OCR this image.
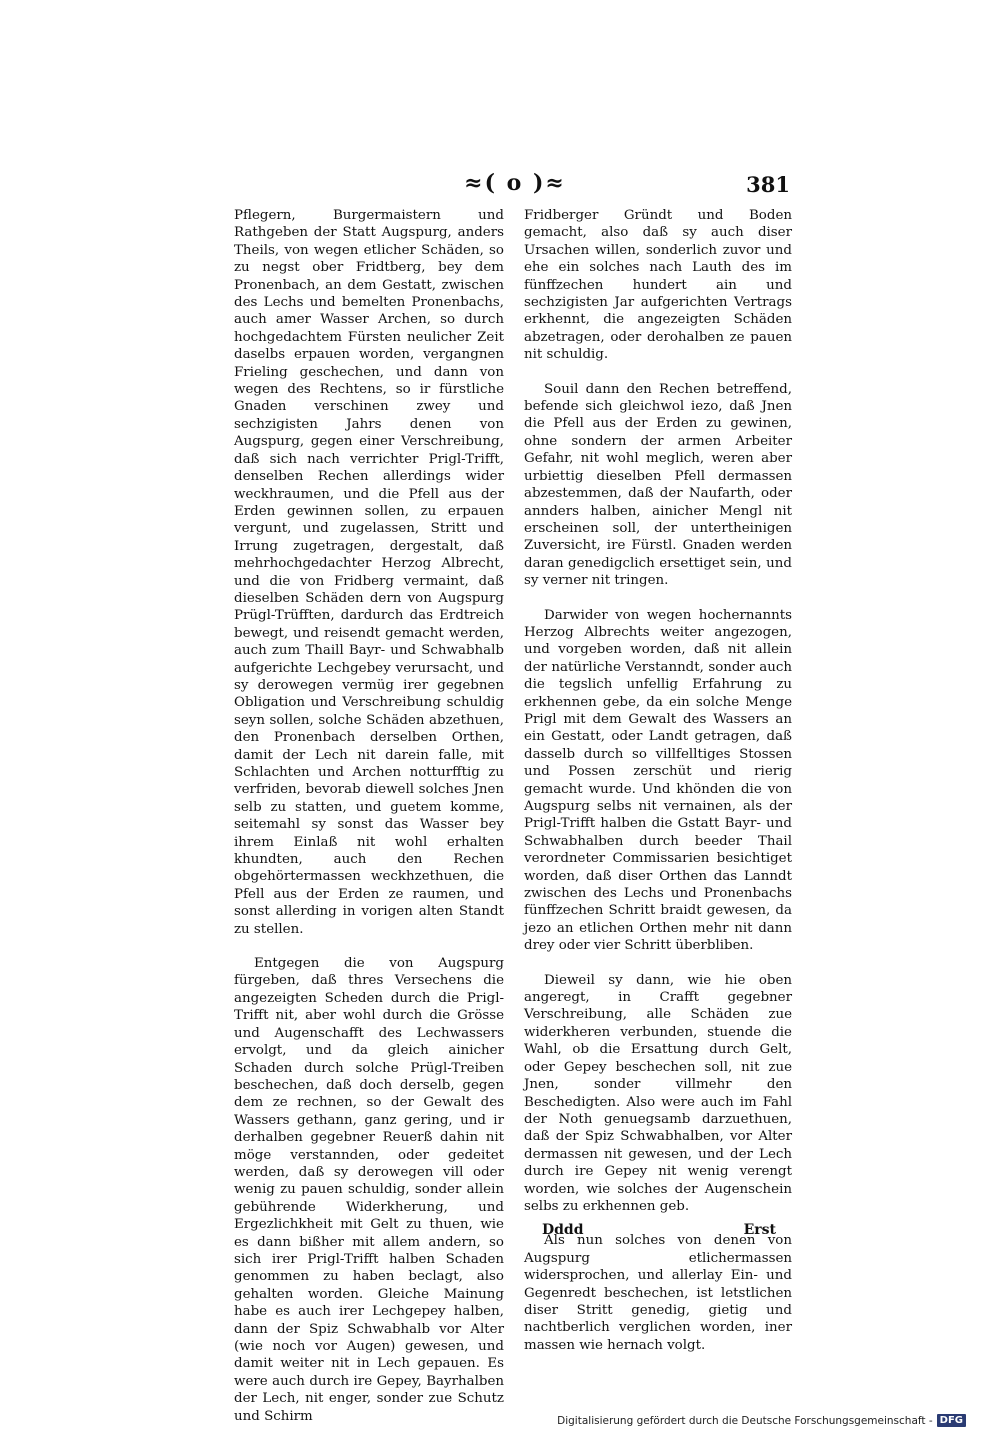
≈( o )≈	381

Pflegern, Burgermaistern und Rathgeben der Statt Augspurg, anders Theils, von wegen etlicher Schäden, so zu negst ober Fridtberg, bey dem Pronenbach, an dem Gestatt, zwischen des Lechs und bemelten Pronenbachs, auch amer Wasser Archen, so durch hochgedachtem Fürsten neulicher Zeit daselbs erpauen worden, vergangnen Frieling geschechen, und dann von wegen des Rechtens, so ir fürstliche Gnaden verschinen zwey und sechzigisten Jahrs denen von Augspurg, gegen einer Verschreibung, daß sich nach verrichter Prigl-Trifft, denselben Rechen allerdings wider weckhraumen, und die Pfell aus der Erden gewinnen sollen, zu erpauen vergunt, und zugelassen, Stritt und Irrung zugetragen, dergestalt, daß mehrhochgedachter Herzog Albrecht, und die von Fridberg vermaint, daß dieselben Schäden dern von Augspurg Prügl-Trüfften, dardurch das Erdtreich bewegt, und reisendt gemacht werden, auch zum Thaill Bayr- und Schwabhalb aufgerichte Lechgebey verursacht, und sy derowegen vermüg irer gegebnen Obligation und Verschreibung schuldig seyn sollen, solche Schäden abzethuen, den Pronenbach derselben Orthen, damit der Lech nit darein falle, mit Schlachten und Archen notturfftig zu verfriden, bevorab diewell solches Jnen selb zu statten, und guetem komme, seitemahl sy sonst das Wasser bey ihrem Einlaß nit wohl erhalten khundten, auch den Rechen obgehörtermassen weckhzethuen, die Pfell aus der Erden ze raumen, und sonst allerding in vorigen alten Standt zu stellen.

Entgegen die von Augspurg fürgeben, daß thres Versechens die angezeigten Scheden durch die Prigl-Trifft nit, aber wohl durch die Grösse und Augenschafft des Lechwassers ervolgt, und da gleich ainicher Schaden durch solche Prügl-Treiben beschechen, daß doch derselb, gegen dem ze rechnen, so der Gewalt des Wassers gethann, ganz gering, und ir derhalben gegebner Reuerß dahin nit möge verstannden, oder gedeitet werden, daß sy derowegen vill oder wenig zu pauen schuldig, sonder allein gebührende Widerkherung, und Ergezlichkheit mit Gelt zu thuen, wie es dann bißher mit allem andern, so sich irer Prigl-Trifft halben Schaden genommen zu haben beclagt, also gehalten worden. Gleiche Mainung habe es auch irer Lechgepey halben, dann der Spiz Schwabhalb vor Alter (wie noch vor Augen) gewesen, und damit weiter nit in Lech gepauen. Es were auch durch ire Gepey, Bayrhalben der Lech, nit enger, sonder zue Schutz und Schirm

Fridberger Gründt und Boden gemacht, also daß sy auch diser Ursachen willen, sonderlich zuvor und ehe ein solches nach Lauth des im fünffzechen hundert ain und sechzigisten Jar aufgerichten Vertrags erkhennt, die angezeigten Schäden abzetragen, oder derohalben ze pauen nit schuldig.

Souil dann den Rechen betreffend, befende sich gleichwol iezo, daß Jnen die Pfell aus der Erden zu gewinen, ohne sondern der armen Arbeiter Gefahr, nit wohl meglich, weren aber urbiettig dieselben Pfell dermassen abzestemmen, daß der Naufarth, oder annders halben, ainicher Mengl nit erscheinen soll, der untertheinigen Zuversicht, ire Fürstl. Gnaden werden daran genedigclich ersettiget sein, und sy verner nit tringen.

Darwider von wegen hochernannts Herzog Albrechts weiter angezogen, und vorgeben worden, daß nit allein der natürliche Verstanndt, sonder auch die tegslich unfellig Erfahrung zu erkhennen gebe, da ein solche Menge Prigl mit dem Gewalt des Wassers an ein Gestatt, oder Landt getragen, daß dasselb durch so villfelltiges Stossen und Possen zerschüt und rierig gemacht wurde. Und khönden die von Augspurg selbs nit vernainen, als der Prigl-Trifft halben die Gstatt Bayr- und Schwabhalben durch beeder Thail verordneter Commissarien besichtiget worden, daß diser Orthen das Lanndt zwischen des Lechs und Pronenbachs fünffzechen Schritt braidt gewesen, da jezo an etlichen Orthen mehr nit dann drey oder vier Schritt überbliben.

Dieweil sy dann, wie hie oben angeregt, in Crafft gegebner Verschreibung, alle Schäden zue widerkheren verbunden, stuende die Wahl, ob die Ersattung durch Gelt, oder Gepey beschechen soll, nit zue Jnen, sonder villmehr den Beschedigten. Also were auch im Fahl der Noth genuegsamb darzuethuen, daß der Spiz Schwabhalben, vor Alter dermassen nit gewesen, und der Lech durch ire Gepey nit wenig verengt worden, wie solches der Augenschein selbs zu erkhennen geb.

Als nun solches von denen von Augspurg etlichermassen widersprochen, und allerlay Ein- und Gegenredt beschechen, ist letstlichen diser Stritt genedig, gietig und nachtberlich verglichen worden, iner massen wie hernach volgt.

Dddd	Erst
Digitalisierung gefördert durch die Deutsche Forschungsgemeinschaft - DFG
